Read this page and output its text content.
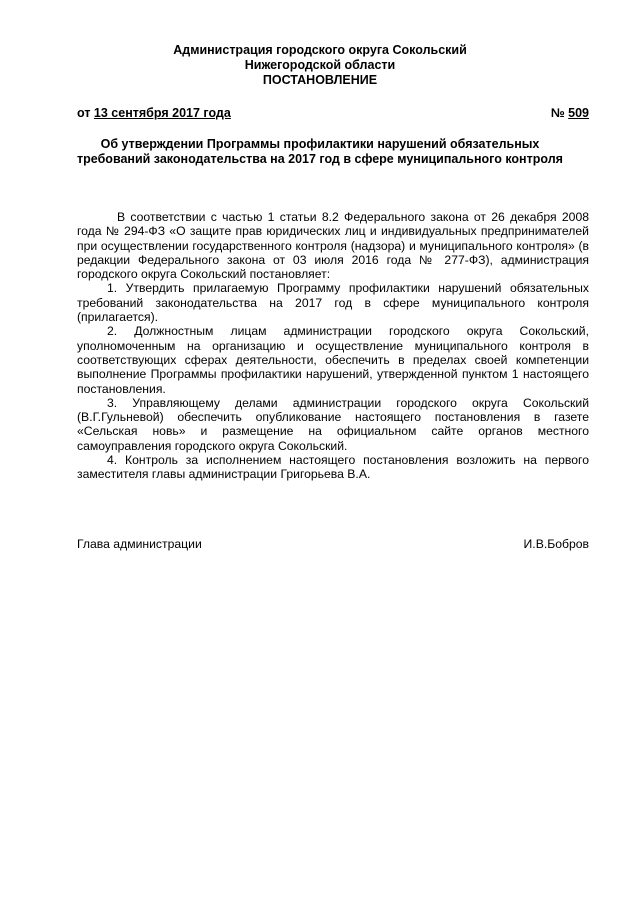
Администрация городского округа Сокольский
Нижегородской области
ПОСТАНОВЛЕНИЕ
от 13 сентября 2017 года	№ 509
Об утверждении Программы профилактики нарушений обязательных
требований законодательства на 2017 год в сфере муниципального контроля

В соответствии с частью 1 статьи 8.2 Федерального закона от 26 декабря 2008 года № 294-ФЗ «О защите прав юридических лиц и индивидуальных предпринимателей при осуществлении государственного контроля (надзора) и муниципального контроля» (в редакции Федерального закона от 03 июля 2016 года № 277-ФЗ), администрация городского округа Сокольский постановляет:

1. Утвердить прилагаемую Программу профилактики нарушений обязательных требований законодательства на 2017 год в сфере муниципального контроля (прилагается).

2. Должностным лицам администрации городского округа Сокольский, уполномоченным на организацию и осуществление муниципального контроля в соответствующих сферах деятельности, обеспечить в пределах своей компетенции выполнение Программы профилактики нарушений, утвержденной пунктом 1 настоящего постановления.

3. Управляющему делами администрации городского округа Сокольский (В.Г.Гульневой) обеспечить опубликование настоящего постановления в газете «Сельская новь» и размещение на официальном сайте органов местного самоуправления городского округа Сокольский.

4. Контроль за исполнением настоящего постановления возложить на первого заместителя главы администрации Григорьева В.А.

Глава администрации	И.В.Бобров
